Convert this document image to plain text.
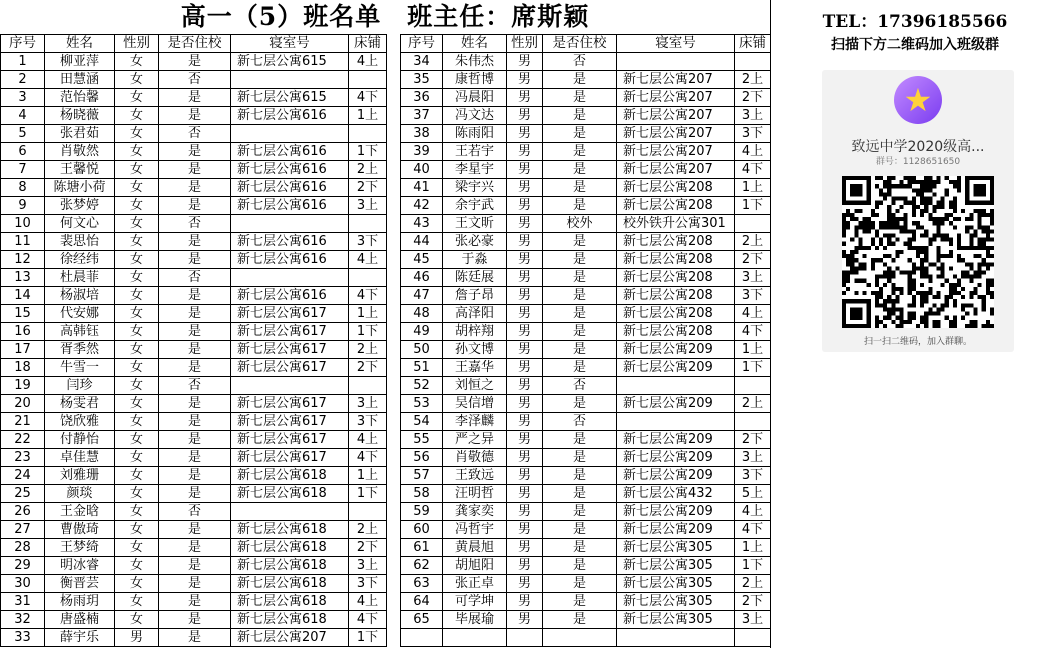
高一（5）班名单　班主任：席斯颖
序号	姓名	性别	是否住校	寝室号	床铺
1	柳亚萍	女	是	新七层公寓615	4上
2	田慧涵	女	否		
3	范怡馨	女	是	新七层公寓615	4下
4	杨晓薇	女	是	新七层公寓616	1上
5	张君茹	女	否		
6	肖敬然	女	是	新七层公寓616	1下
7	王馨悦	女	是	新七层公寓616	2上
8	陈塘小荷	女	是	新七层公寓616	2下
9	张梦婷	女	是	新七层公寓616	3上
10	何文心	女	否		
11	裴思怡	女	是	新七层公寓616	3下
12	徐经纬	女	是	新七层公寓616	4上
13	杜晨菲	女	否		
14	杨淑培	女	是	新七层公寓616	4下
15	代安娜	女	是	新七层公寓617	1上
16	高韩钰	女	是	新七层公寓617	1下
17	胥季然	女	是	新七层公寓617	2上
18	牛雪一	女	是	新七层公寓617	2下
19	闫珍	女	否		
20	杨雯君	女	是	新七层公寓617	3上
21	饶欣雅	女	是	新七层公寓617	3下
22	付静怡	女	是	新七层公寓617	4上
23	卓佳慧	女	是	新七层公寓617	4下
24	刘雅珊	女	是	新七层公寓618	1上
25	颜琰	女	是	新七层公寓618	1下
26	王金晗	女	否		
27	曹傲琦	女	是	新七层公寓618	2上
28	王梦绮	女	是	新七层公寓618	2下
29	明冰睿	女	是	新七层公寓618	3上
30	衡晋芸	女	是	新七层公寓618	3下
31	杨雨玥	女	是	新七层公寓618	4上
32	唐盛楠	女	是	新七层公寓618	4下
33	薛宇乐	男	是	新七层公寓207	1下
序号	姓名	性别	是否住校	寝室号	床铺
34	朱伟杰	男	否		
35	康哲博	男	是	新七层公寓207	2上
36	冯晨阳	男	是	新七层公寓207	2下
37	冯文达	男	是	新七层公寓207	3上
38	陈雨阳	男	是	新七层公寓207	3下
39	王若宇	男	是	新七层公寓207	4上
40	李星宇	男	是	新七层公寓207	4下
41	梁宇兴	男	是	新七层公寓208	1上
42	余宇武	男	是	新七层公寓208	1下
43	王文昕	男	校外	校外铁升公寓301	
44	张必豪	男	是	新七层公寓208	2上
45	于淼	男	是	新七层公寓208	2下
46	陈廷展	男	是	新七层公寓208	3上
47	詹子昂	男	是	新七层公寓208	3下
48	高泽阳	男	是	新七层公寓208	4上
49	胡梓翔	男	是	新七层公寓208	4下
50	孙文博	男	是	新七层公寓209	1上
51	王嘉华	男	是	新七层公寓209	1下
52	刘恒之	男	否		
53	吴信增	男	是	新七层公寓209	2上
54	李泽麟	男	否		
55	严之异	男	是	新七层公寓209	2下
56	肖敬德	男	是	新七层公寓209	3上
57	王致远	男	是	新七层公寓209	3下
58	汪明哲	男	是	新七层公寓432	5上
59	龚家奕	男	是	新七层公寓209	4上
60	冯哲宇	男	是	新七层公寓209	4下
61	黄晨旭	男	是	新七层公寓305	1上
62	胡旭阳	男	是	新七层公寓305	1下
63	张正卓	男	是	新七层公寓305	2上
64	可学坤	男	是	新七层公寓305	2下
65	毕展瑜	男	是	新七层公寓305	3上

TEL：17396185566
扫描下方二维码加入班级群
★
致远中学2020级高...
群号：1128651650
扫一扫二维码，加入群聊。
